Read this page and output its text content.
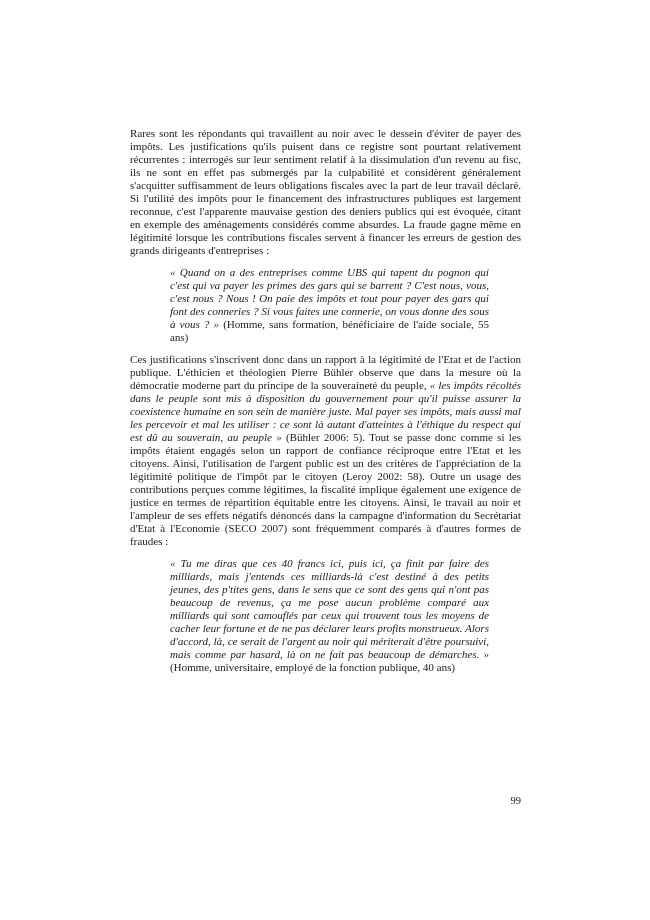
Rares sont les répondants qui travaillent au noir avec le dessein d'éviter de payer des impôts. Les justifications qu'ils puisent dans ce registre sont pourtant relativement récurrentes : interrogés sur leur sentiment relatif à la dissimulation d'un revenu au fisc, ils ne sont en effet pas submergés par la culpabilité et considèrent généralement s'acquitter suffisamment de leurs obligations fiscales avec la part de leur travail déclaré. Si l'utilité des impôts pour le financement des infrastructures publiques est largement reconnue, c'est l'apparente mauvaise gestion des deniers publics qui est évoquée, citant en exemple des aménagements considérés comme absurdes. La fraude gagne même en légitimité lorsque les contributions fiscales servent à financer les erreurs de gestion des grands dirigeants d'entreprises :

« Quand on a des entreprises comme UBS qui tapent du pognon qui c'est qui va payer les primes des gars qui se barrent ? C'est nous, vous, c'est nous ? Nous ! On paie des impôts et tout pour payer des gars qui font des conneries ? Si vous faites une connerie, on vous donne des sous à vous ? » (Homme, sans formation, bénéficiaire de l'aide sociale, 55 ans)

Ces justifications s'inscrivent donc dans un rapport à la légitimité de l'Etat et de l'action publique. L'éthicien et théologien Pierre Bühler observe que dans la mesure où la démocratie moderne part du principe de la souveraineté du peuple, « les impôts récoltés dans le peuple sont mis à disposition du gouvernement pour qu'il puisse assurer la coexistence humaine en son sein de manière juste. Mal payer ses impôts, mais aussi mal les percevoir et mal les utiliser : ce sont là autant d'atteintes à l'éthique du respect qui est dû au souverain, au peuple » (Bühler 2006: 5). Tout se passe donc comme si les impôts étaient engagés selon un rapport de confiance réciproque entre l'Etat et les citoyens. Ainsi, l'utilisation de l'argent public est un des critères de l'appréciation de la légitimité politique de l'impôt par le citoyen (Leroy 2002: 58). Outre un usage des contributions perçues comme légitimes, la fiscalité implique également une exigence de justice en termes de répartition équitable entre les citoyens. Ainsi, le travail au noir et l'ampleur de ses effets négatifs dénoncés dans la campagne d'information du Secrétariat d'Etat à l'Economie (SECO 2007) sont fréquemment comparés à d'autres formes de fraudes :

« Tu me diras que ces 40 francs ici, puis ici, ça finit par faire des milliards, mais j'entends ces milliards-là c'est destiné à des petits jeunes, des p'tites gens, dans le sens que ce sont des gens qui n'ont pas beaucoup de revenus, ça me pose aucun problème comparé aux milliards qui sont camouflés par ceux qui trouvent tous les moyens de cacher leur fortune et de ne pas déclarer leurs profits monstrueux. Alors d'accord, là, ce serait de l'argent au noir qui mériterait d'être poursuivi, mais comme par hasard, là on ne fait pas beaucoup de démarches. » (Homme, universitaire, employé de la fonction publique, 40 ans)

99
